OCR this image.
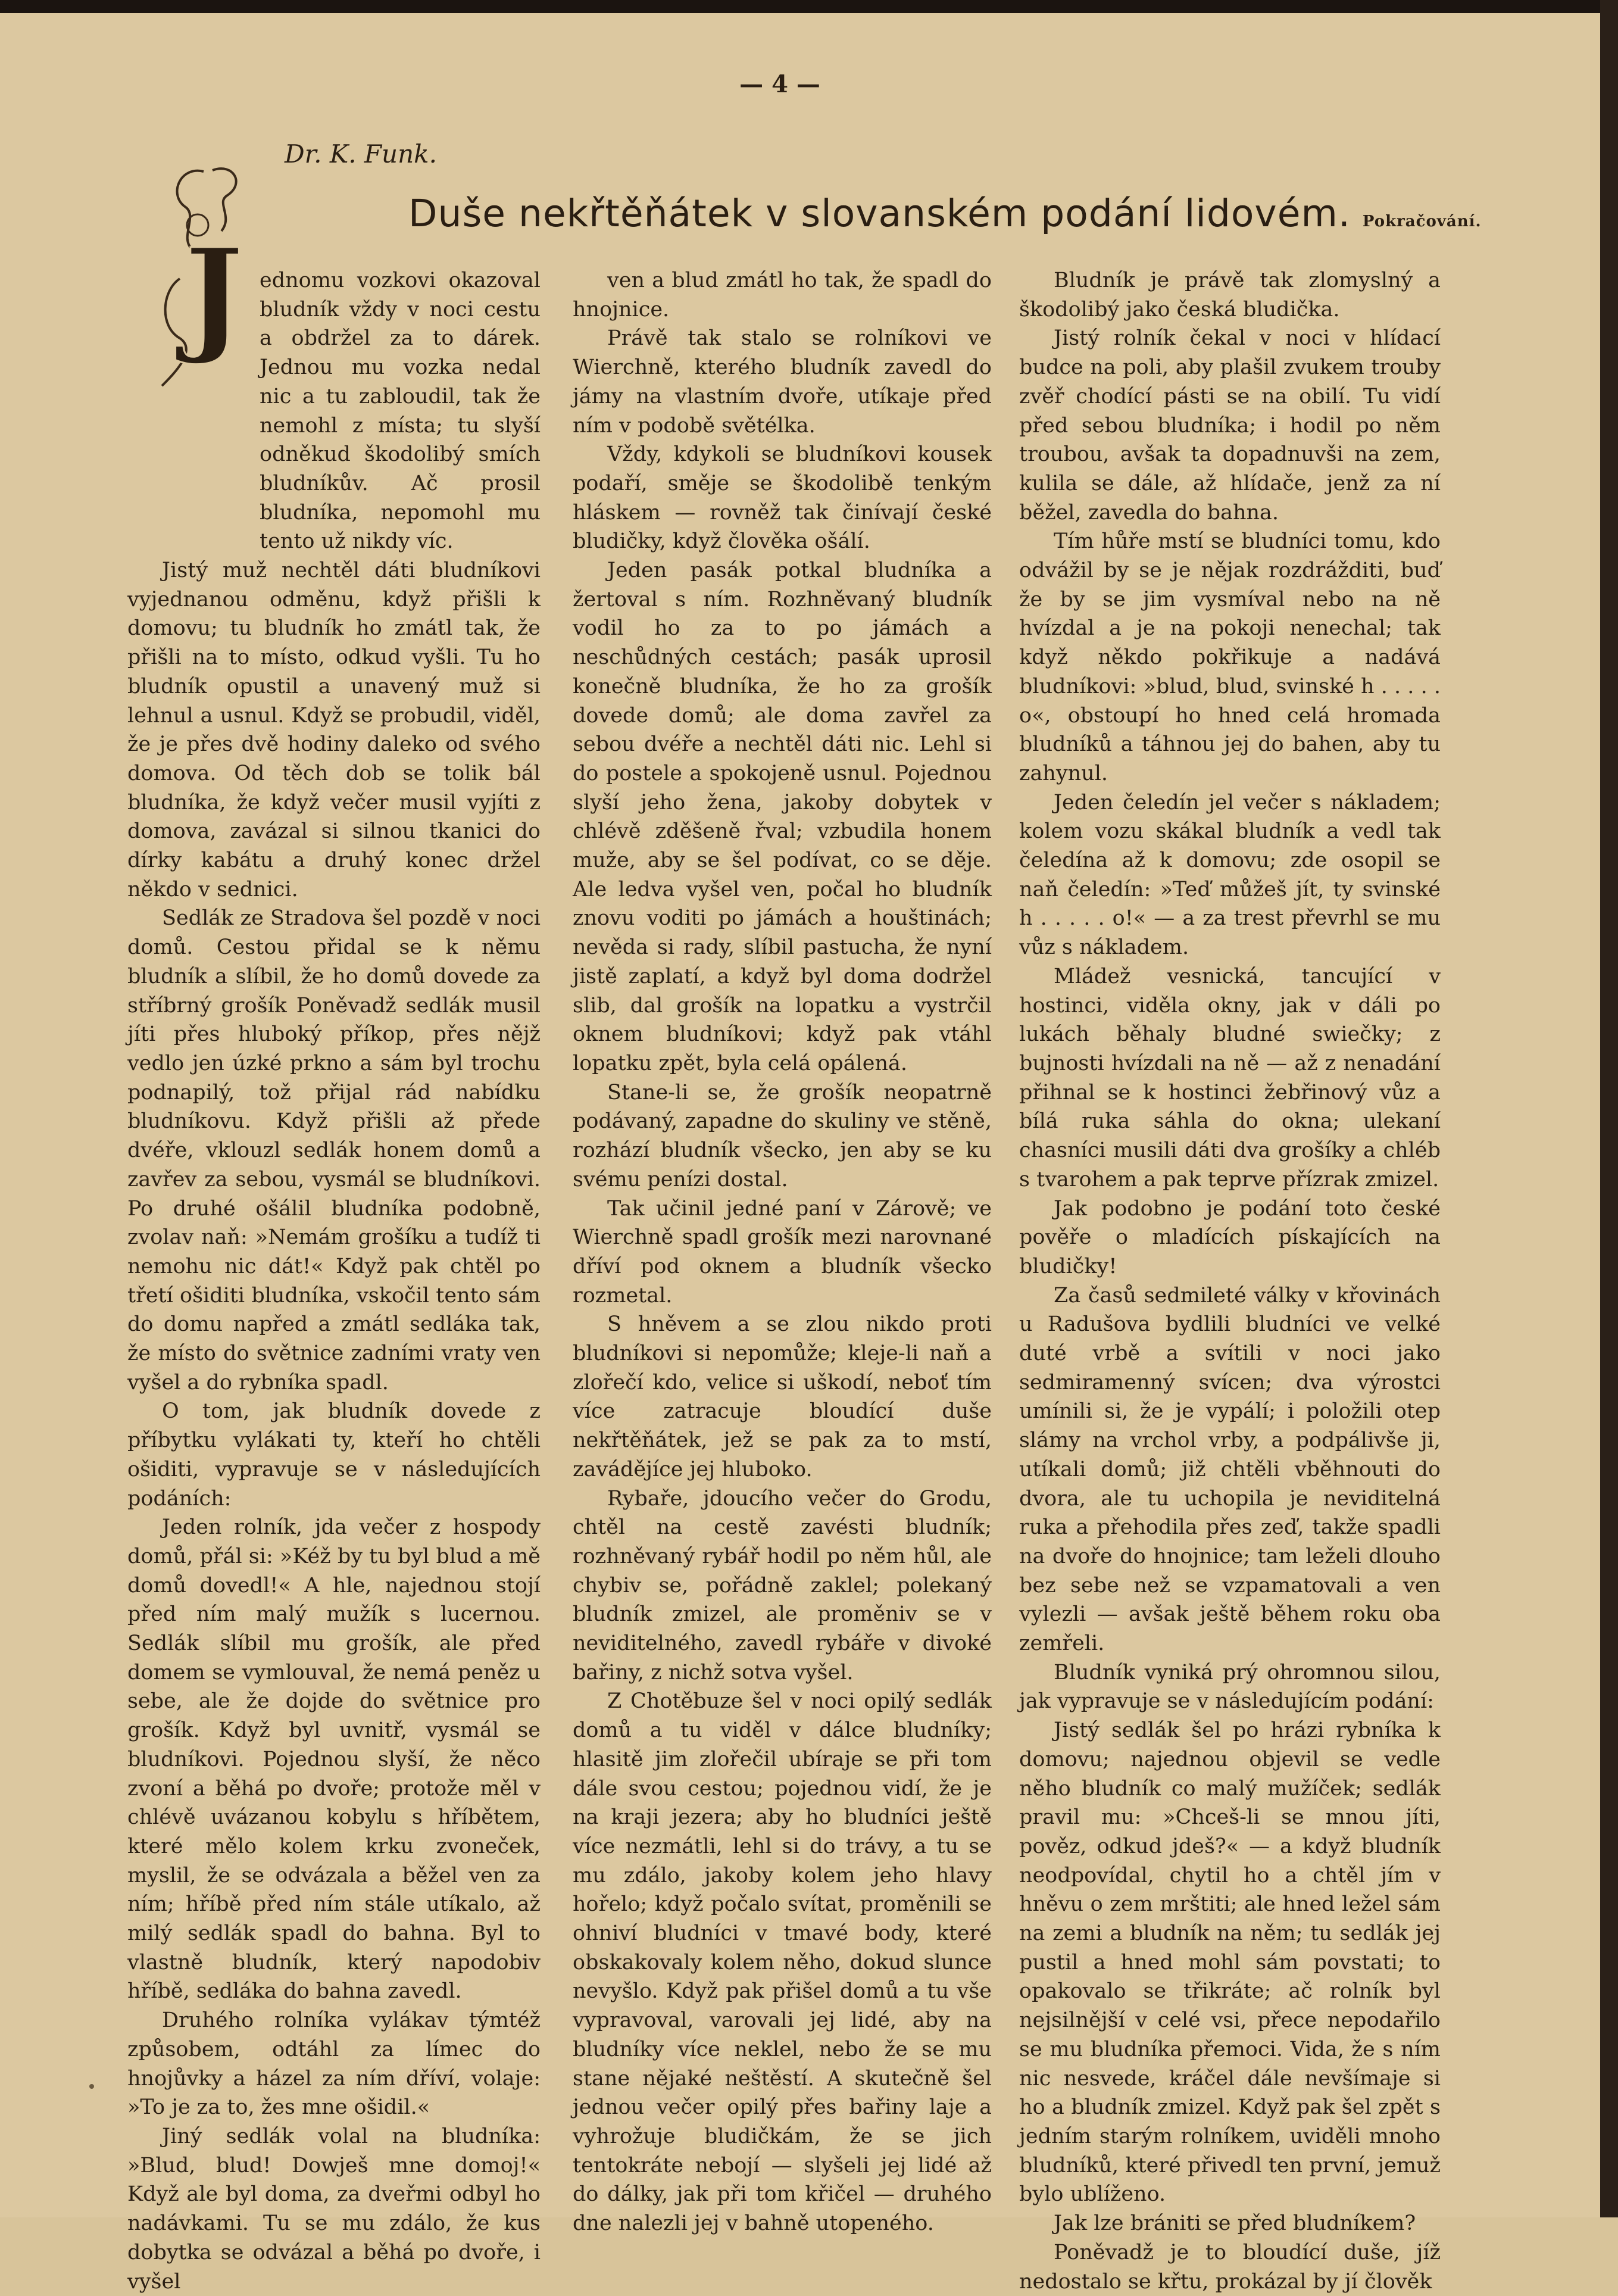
— 4 —
Dr. K. Funk.
Duše nekřtěňátek v slovanském podání lidovém. Pokračování.
J ednomu vozkovi okazoval bludník vždy v noci cestu a obdržel za to dárek. Jednou mu vozka nedal nic a tu zabloudil, tak že nemohl z místa; tu slyší odněkud škodolibý smích bludníkův. Ač prosil bludníka, nepomohl mu tento už nikdy víc.

Jistý muž nechtěl dáti bludníkovi vyjednanou odměnu, když přišli k domovu; tu bludník ho zmátl tak, že přišli na to místo, odkud vyšli. Tu ho bludník opustil a unavený muž si lehnul a usnul. Když se probudil, viděl, že je přes dvě hodiny daleko od svého domova. Od těch dob se tolik bál bludníka, že když večer musil vyjíti z domova, zavázal si silnou tkanici do dírky kabátu a druhý konec držel někdo v sednici.

Sedlák ze Stradova šel pozdě v noci domů. Cestou přidal se k němu bludník a slíbil, že ho domů dovede za stříbrný grošík Poněvadž sedlák musil jíti přes hluboký příkop, přes nějž vedlo jen úzké prkno a sám byl trochu podnapilý, tož přijal rád nabídku bludníkovu. Když přišli až přede dvéře, vklouzl sedlák honem domů a zavřev za sebou, vysmál se bludníkovi. Po druhé ošálil bludníka podobně, zvolav naň: »Nemám grošíku a tudíž ti nemohu nic dát!« Když pak chtěl po třetí ošiditi bludníka, vskočil tento sám do domu napřed a zmátl sedláka tak, že místo do světnice zadními vraty ven vyšel a do rybníka spadl.

O tom, jak bludník dovede z příbytku vylákati ty, kteří ho chtěli ošiditi, vypravuje se v následujících podáních:

Jeden rolník, jda večer z hospody domů, přál si: »Kéž by tu byl blud a mě domů dovedl!« A hle, najednou stojí před ním malý mužík s lucernou. Sedlák slíbil mu grošík, ale před domem se vymlouval, že nemá peněz u sebe, ale že dojde do světnice pro grošík. Když byl uvnitř, vysmál se bludníkovi. Pojednou slyší, že něco zvoní a běhá po dvoře; protože měl v chlévě uvázanou kobylu s hříbětem, které mělo kolem krku zvoneček, myslil, že se odvázala a běžel ven za ním; hříbě před ním stále utíkalo, až milý sedlák spadl do bahna. Byl to vlastně bludník, který napodobiv hříbě, sedláka do bahna zavedl.

Druhého rolníka vylákav týmtéž způsobem, odtáhl za límec do hnojůvky a házel za ním dříví, volaje: »To je za to, žes mne ošidil.«

Jiný sedlák volal na bludníka: »Blud, blud! Dowješ mne domoj!« Když ale byl doma, za dveřmi odbyl ho nadávkami. Tu se mu zdálo, že kus dobytka se odvázal a běhá po dvoře, i vyšel

ven a blud zmátl ho tak, že spadl do hnojnice.

Právě tak stalo se rolníkovi ve Wierchně, kterého bludník zavedl do jámy na vlastním dvoře, utíkaje před ním v podobě světélka.

Vždy, kdykoli se bludníkovi kousek podaří, směje se škodolibě tenkým hláskem — rovněž tak činívají české bludičky, když člověka ošálí.

Jeden pasák potkal bludníka a žertoval s ním. Rozhněvaný bludník vodil ho za to po jámách a neschůdných cestách; pasák uprosil konečně bludníka, že ho za grošík dovede domů; ale doma zavřel za sebou dvéře a nechtěl dáti nic. Lehl si do postele a spokojeně usnul. Pojednou slyší jeho žena, jakoby dobytek v chlévě zděšeně řval; vzbudila honem muže, aby se šel podívat, co se děje. Ale ledva vyšel ven, počal ho bludník znovu voditi po jámách a houštinách; nevěda si rady, slíbil pastucha, že nyní jistě zaplatí, a když byl doma dodržel slib, dal grošík na lopatku a vystrčil oknem bludníkovi; když pak vtáhl lopatku zpět, byla celá opálená.

Stane-li se, že grošík neopatrně podávaný, zapadne do skuliny ve stěně, rozhází bludník všecko, jen aby se ku svému penízi dostal.

Tak učinil jedné paní v Zárově; ve Wierchně spadl grošík mezi narovnané dříví pod oknem a bludník všecko rozmetal.

S hněvem a se zlou nikdo proti bludníkovi si nepomůže; kleje-li naň a zlořečí kdo, velice si uškodí, neboť tím více zatracuje bloudící duše nekřtěňátek, jež se pak za to mstí, zavádějíce jej hluboko.

Rybaře, jdoucího večer do Grodu, chtěl na cestě zavésti bludník; rozhněvaný rybář hodil po něm hůl, ale chybiv se, pořádně zaklel; polekaný bludník zmizel, ale proměniv se v neviditelného, zavedl rybáře v divoké bařiny, z nichž sotva vyšel.

Z Chotěbuze šel v noci opilý sedlák domů a tu viděl v dálce bludníky; hlasitě jim zlořečil ubíraje se při tom dále svou cestou; pojednou vidí, že je na kraji jezera; aby ho bludníci ještě více nezmátli, lehl si do trávy, a tu se mu zdálo, jakoby kolem jeho hlavy hořelo; když počalo svítat, proměnili se ohniví bludníci v tmavé body, které obskakovaly kolem něho, dokud slunce nevyšlo. Když pak přišel domů a tu vše vypravoval, varovali jej lidé, aby na bludníky více neklel, nebo že se mu stane nějaké neštěstí. A skutečně šel jednou večer opilý přes bařiny laje a vyhrožuje bludičkám, že se jich tentokráte nebojí — slyšeli jej lidé až do dálky, jak při tom křičel — druhého dne nalezli jej v bahně utopeného.

Bludník je právě tak zlomyslný a škodolibý jako česká bludička.

Jistý rolník čekal v noci v hlídací budce na poli, aby plašil zvukem trouby zvěř chodící pásti se na obilí. Tu vidí před sebou bludníka; i hodil po něm troubou, avšak ta dopadnuvši na zem, kulila se dále, až hlídače, jenž za ní běžel, zavedla do bahna.

Tím hůře mstí se bludníci tomu, kdo odvážil by se je nějak rozdrážditi, buď že by se jim vysmíval nebo na ně hvízdal a je na pokoji nenechal; tak když někdo pokřikuje a nadává bludníkovi: »blud, blud, svinské h . . . . . o«, obstoupí ho hned celá hromada bludníků a táhnou jej do bahen, aby tu zahynul.

Jeden čeledín jel večer s nákladem; kolem vozu skákal bludník a vedl tak čeledína až k domovu; zde osopil se naň čeledín: »Teď můžeš jít, ty svinské h . . . . . o!« — a za trest převrhl se mu vůz s nákladem.

Mládež vesnická, tancující v hostinci, viděla okny, jak v dáli po lukách běhaly bludné swiečky; z bujnosti hvízdali na ně — až z nenadání přihnal se k hostinci žebřinový vůz a bílá ruka sáhla do okna; ulekaní chasníci musili dáti dva grošíky a chléb s tvarohem a pak teprve přízrak zmizel.

Jak podobno je podání toto české pověře o mladících pískajících na bludičky!

Za časů sedmileté války v křovinách u Radušova bydlili bludníci ve velké duté vrbě a svítili v noci jako sedmiramenný svícen; dva výrostci umínili si, že je vypálí; i položili otep slámy na vrchol vrby, a podpálivše ji, utíkali domů; již chtěli vběhnouti do dvora, ale tu uchopila je neviditelná ruka a přehodila přes zeď, takže spadli na dvoře do hnojnice; tam leželi dlouho bez sebe než se vzpamatovali a ven vylezli — avšak ještě během roku oba zemřeli.

Bludník vyniká prý ohromnou silou, jak vypravuje se v následujícím podání:

Jistý sedlák šel po hrázi rybníka k domovu; najednou objevil se vedle něho bludník co malý mužíček; sedlák pravil mu: »Chceš-li se mnou jíti, pověz, odkud jdeš?« — a když bludník neodpovídal, chytil ho a chtěl jím v hněvu o zem mrštiti; ale hned ležel sám na zemi a bludník na něm; tu sedlák jej pustil a hned mohl sám povstati; to opakovalo se třikráte; ač rolník byl nejsilnější v celé vsi, přece nepodařilo se mu bludníka přemoci. Vida, že s ním nic nesvede, kráčel dále nevšímaje si ho a bludník zmizel. Když pak šel zpět s jedním starým rolníkem, uviděli mnoho bludníků, které přivedl ten první, jemuž bylo ublíženo.

Jak lze brániti se před bludníkem?

Poněvadž je to bloudící duše, jíž nedostalo se křtu, prokázal by jí člověk
